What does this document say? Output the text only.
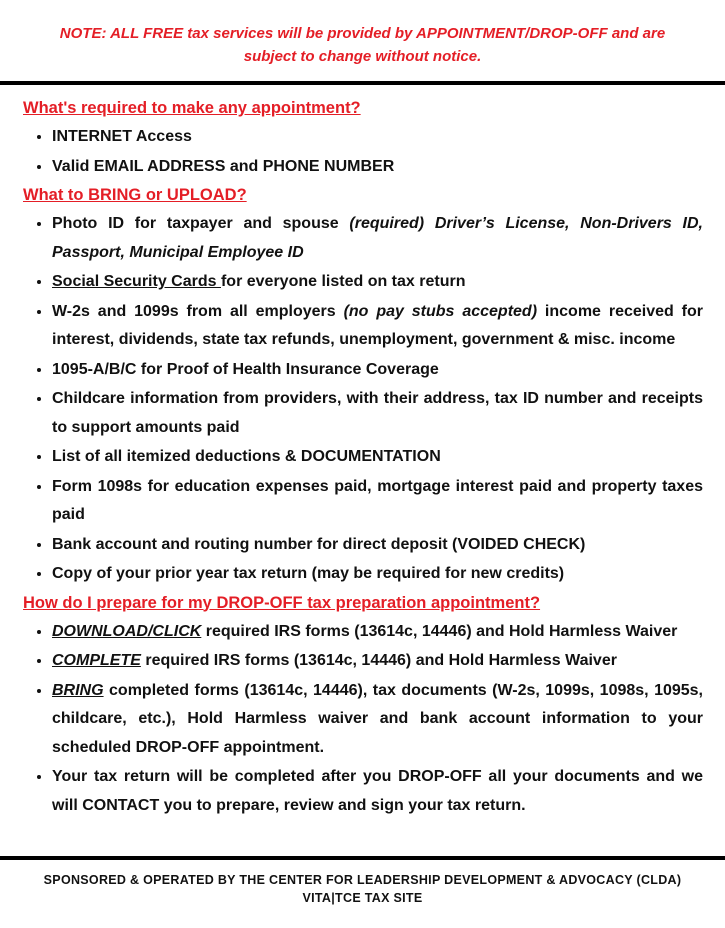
NOTE: ALL FREE tax services will be provided by APPOINTMENT/DROP-OFF and are subject to change without notice.

What's required to make any appointment?

• INTERNET Access
• Valid EMAIL ADDRESS and PHONE NUMBER

What to BRING or UPLOAD?

• Photo ID for taxpayer and spouse (required) Driver’s License, Non-Drivers ID, Passport, Municipal Employee ID
• Social Security Cards for everyone listed on tax return
• W-2s and 1099s from all employers (no pay stubs accepted) income received for interest, dividends, state tax refunds, unemployment, government & misc. income
• 1095-A/B/C for Proof of Health Insurance Coverage
• Childcare information from providers, with their address, tax ID number and receipts to support amounts paid
• List of all itemized deductions & DOCUMENTATION
• Form 1098s for education expenses paid, mortgage interest paid and property taxes paid
• Bank account and routing number for direct deposit (VOIDED CHECK)
• Copy of your prior year tax return (may be required for new credits)

How do I prepare for my DROP-OFF tax preparation appointment?

• DOWNLOAD/CLICK required IRS forms (13614c, 14446) and Hold Harmless Waiver
• COMPLETE required IRS forms (13614c, 14446) and Hold Harmless Waiver
• BRING completed forms (13614c, 14446), tax documents (W-2s, 1099s, 1098s, 1095s, childcare, etc.), Hold Harmless waiver and bank account information to your scheduled DROP-OFF appointment.
• Your tax return will be completed after you DROP-OFF all your documents and we will CONTACT you to prepare, review and sign your tax return.
SPONSORED & OPERATED BY THE CENTER FOR LEADERSHIP DEVELOPMENT & ADVOCACY (CLDA)
VITA|TCE TAX SITE
